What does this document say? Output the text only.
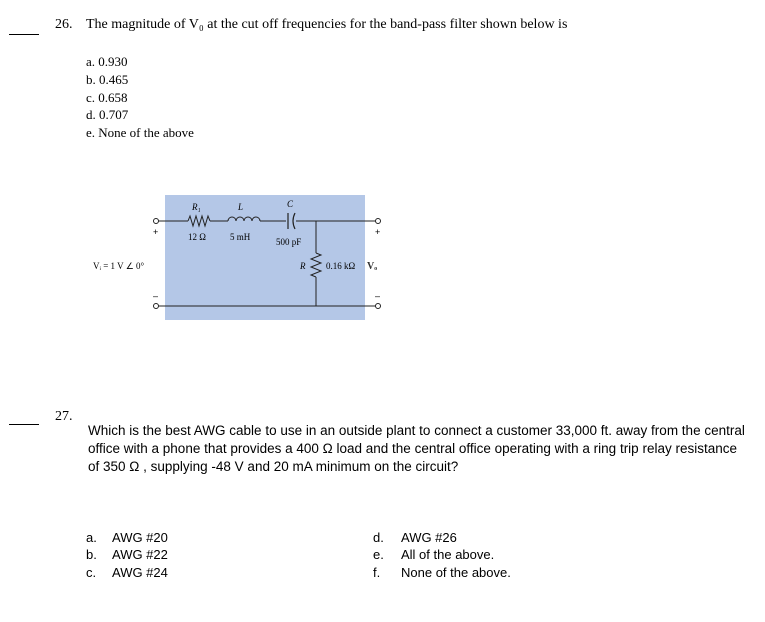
26. The magnitude of V₀ at the cut off frequencies for the band-pass filter shown below is
a. 0.930
b. 0.465
c. 0.658
d. 0.707
e. None of the above
R₁
12 Ω
L
5 mH
C
500 pF
R 0.16 kΩ Vₒ
Vᵢ = 1 V ∠ 0°
+
–
+
–
27.
Which is the best AWG cable to use in an outside plant to connect a customer 33,000 ft. away from the central office with a phone that provides a 400 Ω load and the central office operating with a ring trip relay resistance of 350 Ω , supplying -48 V and 20 mA minimum on the circuit?
a. AWG #20
b. AWG #22
c. AWG #24
d. AWG #26
e. All of the above.
f. None of the above.
